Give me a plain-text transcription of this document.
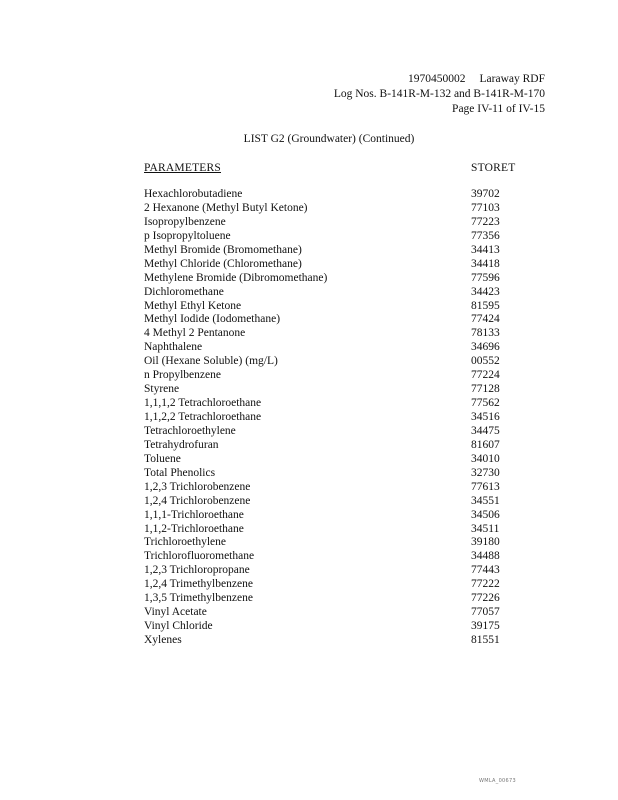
1970450002 Laraway RDF
Log Nos. B-141R-M-132 and B-141R-M-170
Page IV-11 of IV-15
LIST G2 (Groundwater) (Continued)
PARAMETERS	STORET
Hexachlorobutadiene	39702
2 Hexanone (Methyl Butyl Ketone)	77103
Isopropylbenzene	77223
p Isopropyltoluene	77356
Methyl Bromide (Bromomethane)	34413
Methyl Chloride (Chloromethane)	34418
Methylene Bromide (Dibromomethane)	77596
Dichloromethane	34423
Methyl Ethyl Ketone	81595
Methyl Iodide (Iodomethane)	77424
4 Methyl 2 Pentanone	78133
Naphthalene	34696
Oil (Hexane Soluble) (mg/L)	00552
n Propylbenzene	77224
Styrene	77128
1,1,1,2 Tetrachloroethane	77562
1,1,2,2 Tetrachloroethane	34516
Tetrachloroethylene	34475
Tetrahydrofuran	81607
Toluene	34010
Total Phenolics	32730
1,2,3 Trichlorobenzene	77613
1,2,4 Trichlorobenzene	34551
1,1,1-Trichloroethane	34506
1,1,2-Trichloroethane	34511
Trichloroethylene	39180
Trichlorofluoromethane	34488
1,2,3 Trichloropropane	77443
1,2,4 Trimethylbenzene	77222
1,3,5 Trimethylbenzene	77226
Vinyl Acetate	77057
Vinyl Chloride	39175
Xylenes	81551
WMLA_00673
